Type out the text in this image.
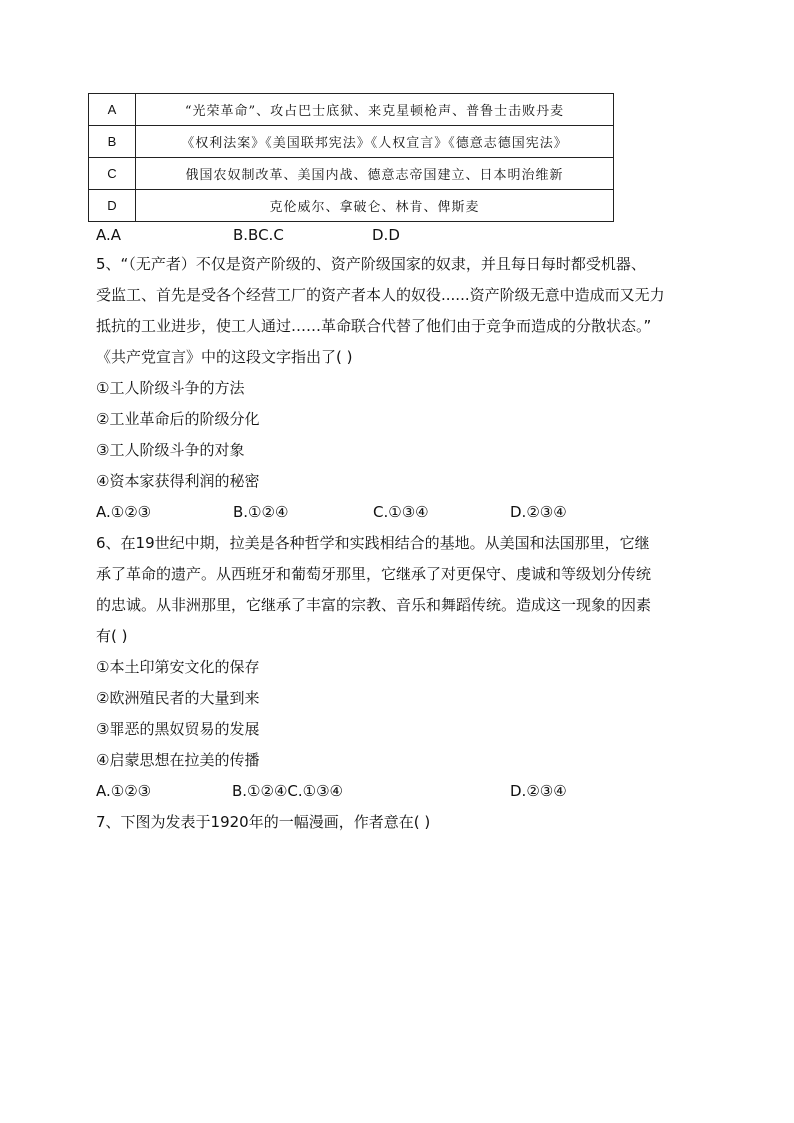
A	“光荣革命”、攻占巴士底狱、来克星顿枪声、普鲁士击败丹麦
B	《权利法案》《美国联邦宪法》《人权宣言》《德意志德国宪法》
C	俄国农奴制改革、美国内战、德意志帝国建立、日本明治维新
D	克伦威尔、拿破仑、林肯、俾斯麦
A.A	B.BC.C	D.D
5、“（无产者）不仅是资产阶级的、资产阶级国家的奴隶，并且每日每时都受机器、
受监工、首先是受各个经营工厂的资产者本人的奴役......资产阶级无意中造成而又无力
抵抗的工业进步，使工人通过……革命联合代替了他们由于竞争而造成的分散状态。”
《共产党宣言》中的这段文字指出了( )
①工人阶级斗争的方法
②工业革命后的阶级分化
③工人阶级斗争的对象
④资本家获得利润的秘密
A.①②③	B.①②④	C.①③④	D.②③④
6、在19世纪中期，拉美是各种哲学和实践相结合的基地。从美国和法国那里，它继
承了革命的遗产。从西班牙和葡萄牙那里，它继承了对更保守、虔诚和等级划分传统
的忠诚。从非洲那里，它继承了丰富的宗教、音乐和舞蹈传统。造成这一现象的因素
有( )
①本土印第安文化的保存
②欧洲殖民者的大量到来
③罪恶的黑奴贸易的发展
④启蒙思想在拉美的传播
A.①②③	B.①②④C.①③④	D.②③④
7、下图为发表于1920年的一幅漫画，作者意在( )
